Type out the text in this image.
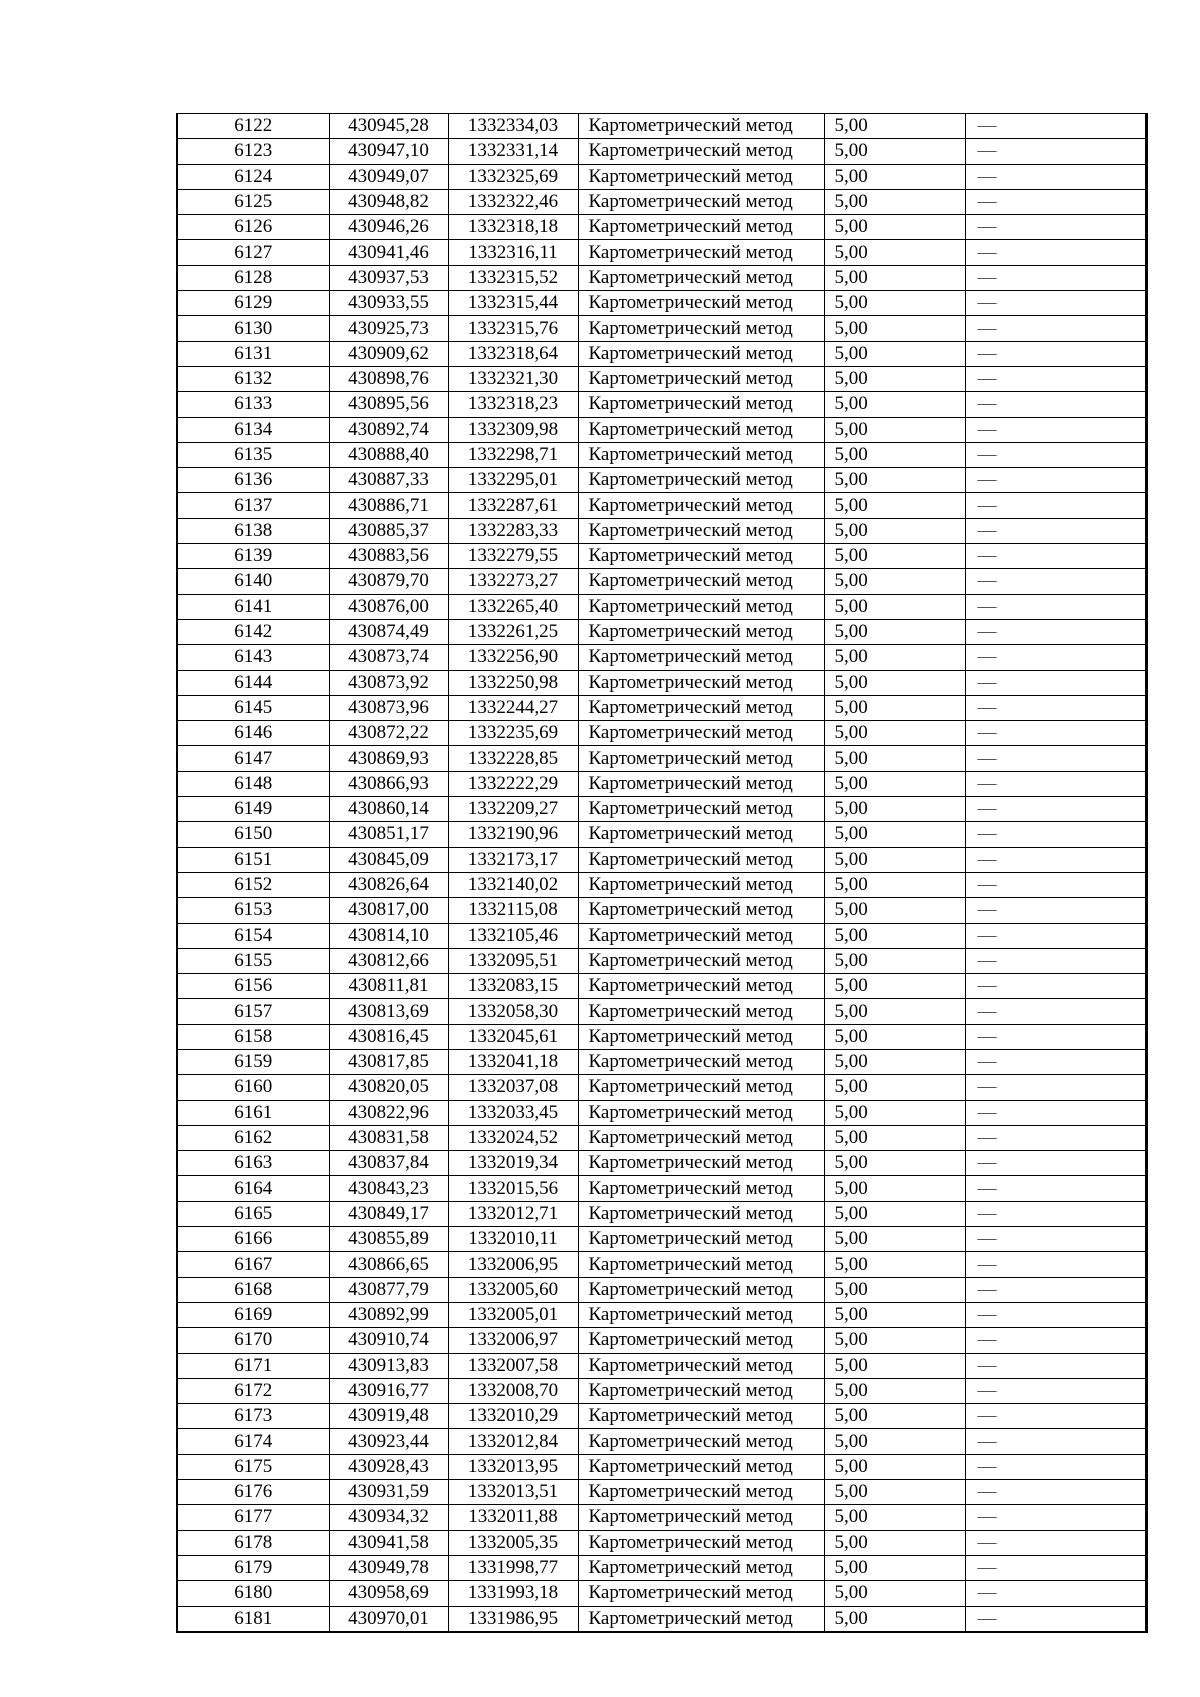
6122	430945,28	1332334,03	Картометрический метод	5,00	—
6123	430947,10	1332331,14	Картометрический метод	5,00	—
6124	430949,07	1332325,69	Картометрический метод	5,00	—
6125	430948,82	1332322,46	Картометрический метод	5,00	—
6126	430946,26	1332318,18	Картометрический метод	5,00	—
6127	430941,46	1332316,11	Картометрический метод	5,00	—
6128	430937,53	1332315,52	Картометрический метод	5,00	—
6129	430933,55	1332315,44	Картометрический метод	5,00	—
6130	430925,73	1332315,76	Картометрический метод	5,00	—
6131	430909,62	1332318,64	Картометрический метод	5,00	—
6132	430898,76	1332321,30	Картометрический метод	5,00	—
6133	430895,56	1332318,23	Картометрический метод	5,00	—
6134	430892,74	1332309,98	Картометрический метод	5,00	—
6135	430888,40	1332298,71	Картометрический метод	5,00	—
6136	430887,33	1332295,01	Картометрический метод	5,00	—
6137	430886,71	1332287,61	Картометрический метод	5,00	—
6138	430885,37	1332283,33	Картометрический метод	5,00	—
6139	430883,56	1332279,55	Картометрический метод	5,00	—
6140	430879,70	1332273,27	Картометрический метод	5,00	—
6141	430876,00	1332265,40	Картометрический метод	5,00	—
6142	430874,49	1332261,25	Картометрический метод	5,00	—
6143	430873,74	1332256,90	Картометрический метод	5,00	—
6144	430873,92	1332250,98	Картометрический метод	5,00	—
6145	430873,96	1332244,27	Картометрический метод	5,00	—
6146	430872,22	1332235,69	Картометрический метод	5,00	—
6147	430869,93	1332228,85	Картометрический метод	5,00	—
6148	430866,93	1332222,29	Картометрический метод	5,00	—
6149	430860,14	1332209,27	Картометрический метод	5,00	—
6150	430851,17	1332190,96	Картометрический метод	5,00	—
6151	430845,09	1332173,17	Картометрический метод	5,00	—
6152	430826,64	1332140,02	Картометрический метод	5,00	—
6153	430817,00	1332115,08	Картометрический метод	5,00	—
6154	430814,10	1332105,46	Картометрический метод	5,00	—
6155	430812,66	1332095,51	Картометрический метод	5,00	—
6156	430811,81	1332083,15	Картометрический метод	5,00	—
6157	430813,69	1332058,30	Картометрический метод	5,00	—
6158	430816,45	1332045,61	Картометрический метод	5,00	—
6159	430817,85	1332041,18	Картометрический метод	5,00	—
6160	430820,05	1332037,08	Картометрический метод	5,00	—
6161	430822,96	1332033,45	Картометрический метод	5,00	—
6162	430831,58	1332024,52	Картометрический метод	5,00	—
6163	430837,84	1332019,34	Картометрический метод	5,00	—
6164	430843,23	1332015,56	Картометрический метод	5,00	—
6165	430849,17	1332012,71	Картометрический метод	5,00	—
6166	430855,89	1332010,11	Картометрический метод	5,00	—
6167	430866,65	1332006,95	Картометрический метод	5,00	—
6168	430877,79	1332005,60	Картометрический метод	5,00	—
6169	430892,99	1332005,01	Картометрический метод	5,00	—
6170	430910,74	1332006,97	Картометрический метод	5,00	—
6171	430913,83	1332007,58	Картометрический метод	5,00	—
6172	430916,77	1332008,70	Картометрический метод	5,00	—
6173	430919,48	1332010,29	Картометрический метод	5,00	—
6174	430923,44	1332012,84	Картометрический метод	5,00	—
6175	430928,43	1332013,95	Картометрический метод	5,00	—
6176	430931,59	1332013,51	Картометрический метод	5,00	—
6177	430934,32	1332011,88	Картометрический метод	5,00	—
6178	430941,58	1332005,35	Картометрический метод	5,00	—
6179	430949,78	1331998,77	Картометрический метод	5,00	—
6180	430958,69	1331993,18	Картометрический метод	5,00	—
6181	430970,01	1331986,95	Картометрический метод	5,00	—
